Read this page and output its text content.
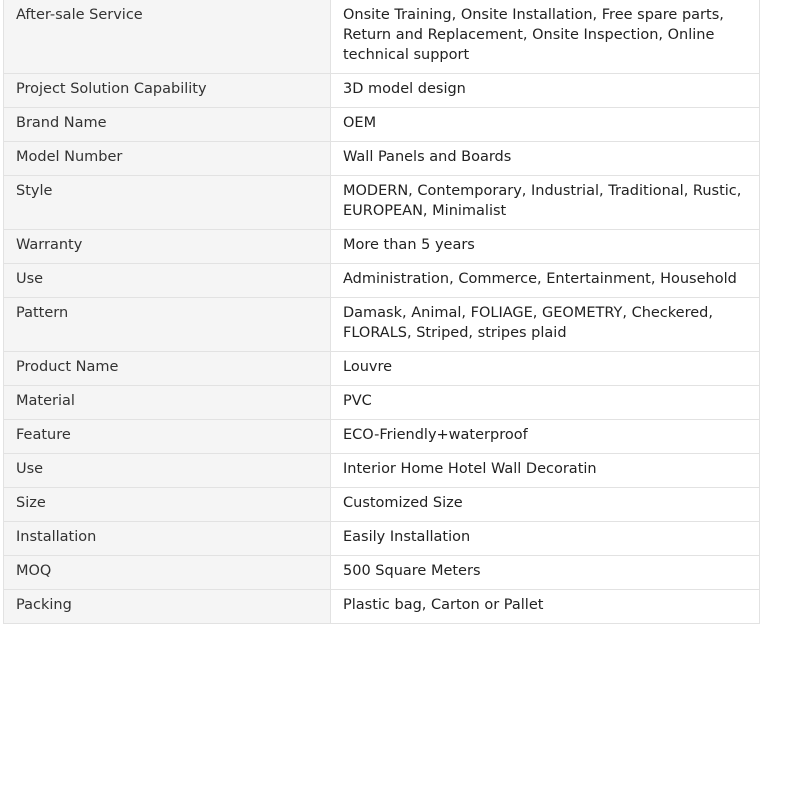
After-sale Service	Onsite Training, Onsite Installation, Free spare parts, Return and Replacement, Onsite Inspection, Online technical support
Project Solution Capability	3D model design
Brand Name	OEM
Model Number	Wall Panels and Boards
Style	MODERN, Contemporary, Industrial, Traditional, Rustic, EUROPEAN, Minimalist
Warranty	More than 5 years
Use	Administration, Commerce, Entertainment, Household
Pattern	Damask, Animal, FOLIAGE, GEOMETRY, Checkered, FLORALS, Striped, stripes plaid
Product Name	Louvre
Material	PVC
Feature	ECO-Friendly+waterproof
Use	Interior Home Hotel Wall Decoratin
Size	Customized Size
Installation	Easily Installation
MOQ	500 Square Meters
Packing	Plastic bag, Carton or Pallet
